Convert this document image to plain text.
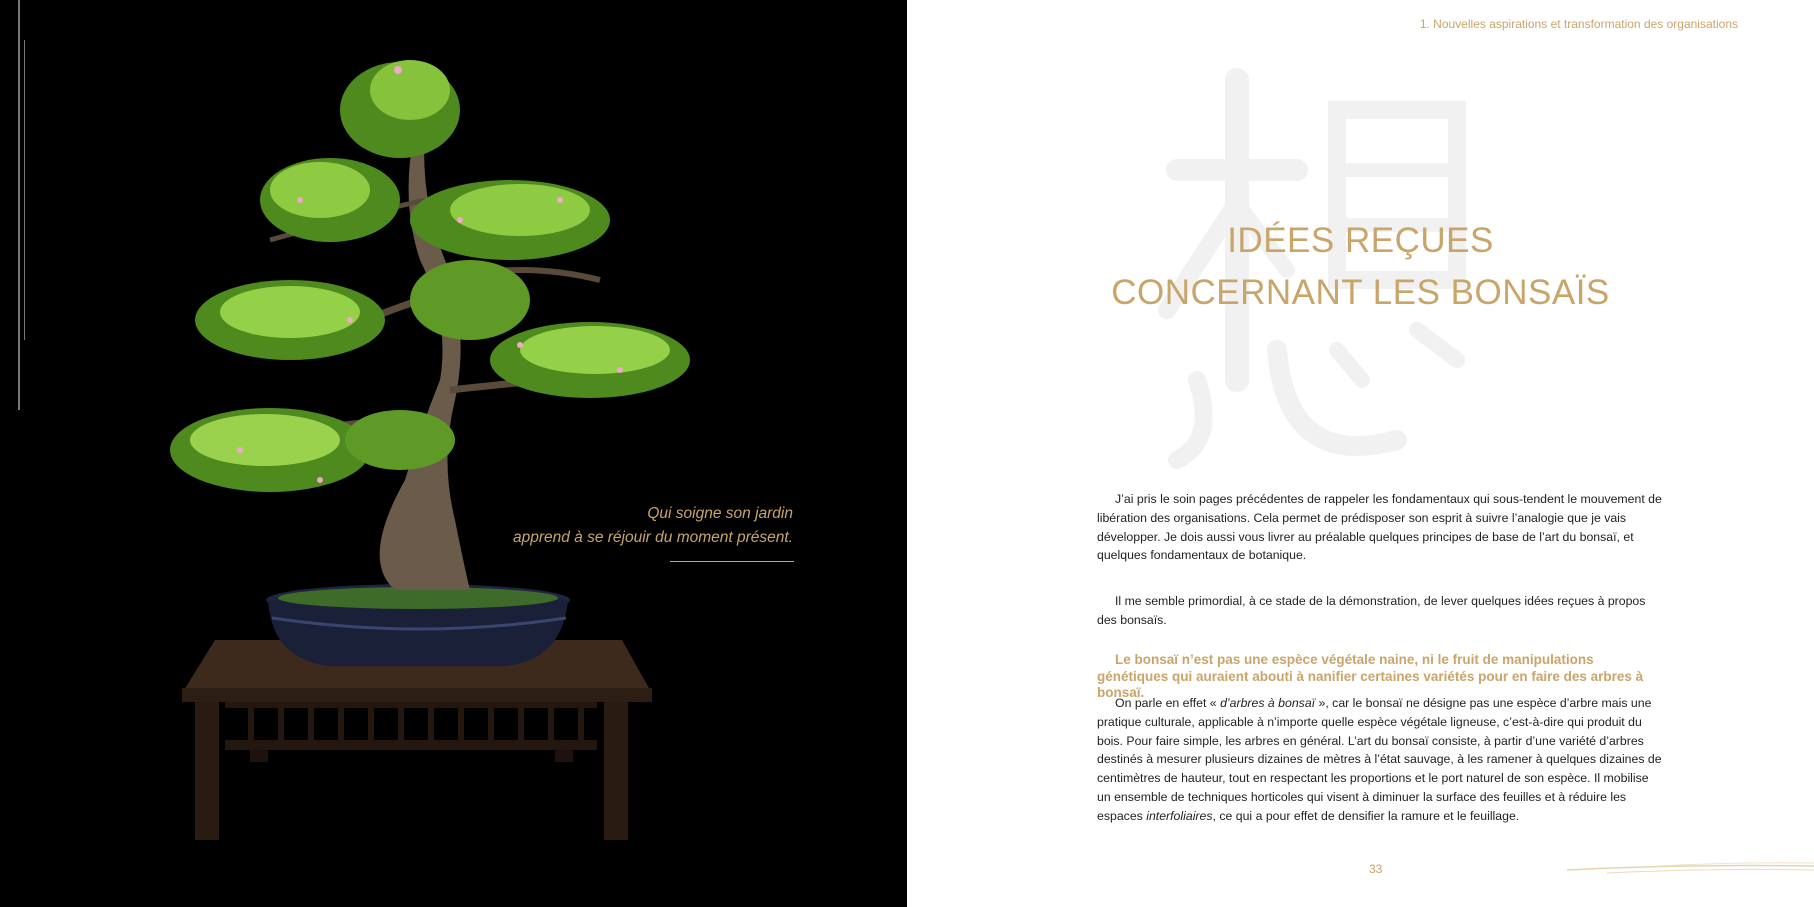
Qui soigne son jardin
apprend à se réjouir du moment présent.
1. Nouvelles aspirations et transformation des organisations
IDÉES REÇUES
CONCERNANT LES BONSAÏS

J’ai pris le soin pages précédentes de rappeler les fondamentaux qui sous-tendent le mouvement de libération des organisations. Cela permet de prédisposer son esprit à suivre l’analogie que je vais développer. Je dois aussi vous livrer au préalable quelques principes de base de l’art du bonsaï, et quelques fondamentaux de botanique.

Il me semble primordial, à ce stade de la démonstration, de lever quelques idées reçues à propos des bonsaïs.

Le bonsaï n’est pas une espèce végétale naine, ni le fruit de manipulations génétiques qui auraient abouti à nanifier certaines variétés pour en faire des arbres à bonsaï.

On parle en effet « d’arbres à bonsaï », car le bonsaï ne désigne pas une espèce d’arbre mais une pratique culturale, applicable à n’importe quelle espèce végétale ligneuse, c’est-à-dire qui produit du bois. Pour faire simple, les arbres en général. L’art du bonsaï consiste, à partir d’une variété d’arbres destinés à mesurer plusieurs dizaines de mètres à l’état sauvage, à les ramener à quelques dizaines de centimètres de hauteur, tout en respectant les proportions et le port naturel de son espèce. Il mobilise un ensemble de techniques horticoles qui visent à diminuer la surface des feuilles et à réduire les espaces interfoliaires, ce qui a pour effet de densifier la ramure et le feuillage.

33
